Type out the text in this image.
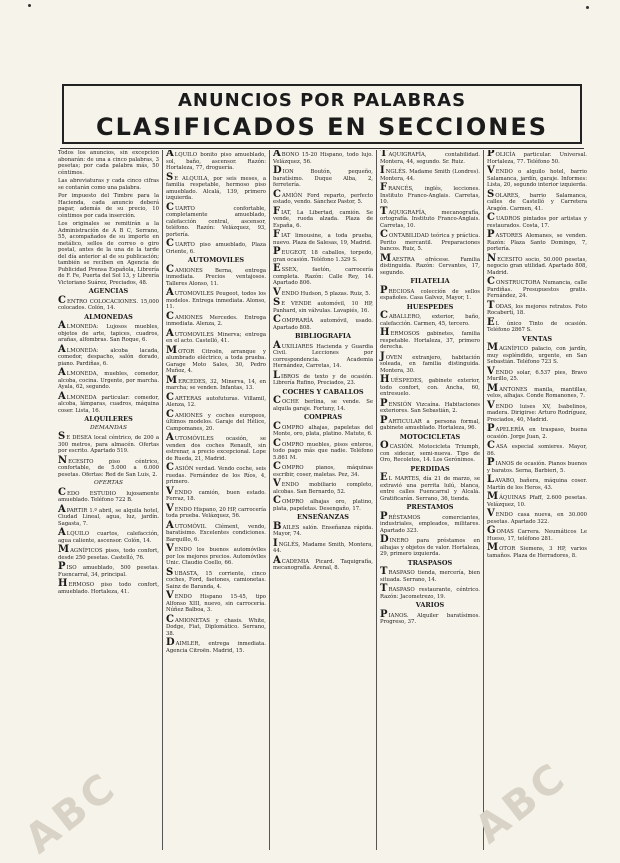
ANUNCIOS POR PALABRAS
CLASIFICADOS EN SECCIONES
Todos los anuncios, sin excepción abonarán: de una a cinco palabras, 3 pesetas; por cada palabra más, 50 céntimos.
Las abreviaturas y cada cinco cifras se contarán como una palabra.
Por impuesto del Timbre para la Hacienda, cada anuncio deberá pagar, además de su precio, 10 céntimos por cada inserción.
Los originales se remitirán a la Administración de A B C, Serrano, 55, acompañados de su importe en metálico, sellos de correo o giro postal, antes de la una de la tarde del día anterior al de su publicación; también se reciben en Agencia de Publicidad Prensa Española, Librería de F. Fe, Puerta del Sol 13, y Librería Victoriano Suárez, Preciados, 48.
AGENCIAS
CENTRO COLOCACIONES. 15,000 colocados. Colón, 14.
ALMONEDAS
ALMONEDA: Lujosos muebles, objetos de arte, tapices, cuadros, arañas, alfombras. San Roque, 6.
ALMONEDA: alcoba lacada, comedor, despacho, salón dorado, piano. Pardiñas, 6.
ALMONEDA, muebles, comedor, alcoba, cocina. Urgente, por marcha. Ayala, 62, segundo.
ALMONEDA particular: comedor, alcoba, lámparas, cuadros, máquina coser. Lista, 16.
ALQUILERES
DEMANDAS
SE DESEA local céntrico, de 200 a 300 metros, para almacén. Ofertas por escrito. Apartado 519.
NECESITO piso céntrico, confortable, de 5.000 a 6.000 pesetas. Ofertas: Red de San Luis, 2.
OFERTAS
CEDO ESTUDIO lujosamente amueblado. Teléfono 722 B.
APARTIR 1.º abril, se alquila hotel, Ciudad Lineal, agua, luz, jardín. Sagasta, 7.
ALQUILO cuartos, calefacción, agua caliente, ascensor. Colón, 14.
MAGNÍFICOS pisos, todo confort, desde 250 pesetas. Castelló, 76.
PISO amueblado, 500 pesetas. Fuencarral, 34, principal.
HERMOSO piso todo confort, amueblado. Hortaleza, 41.
ALQUILO bonito piso amueblado, sol, baño, ascensor. Razón: Hortaleza, 77, droguería.
SE ALQUILA, por seis meses, a familia respetable, hermoso piso amueblado. Alcalá, 139, primero izquierda.
CUARTO confortable, completamente amueblado, calefacción central, ascensor, teléfono. Razón: Velázquez, 93, portería.
CUARTO piso amueblado, Plaza Oriente, 6.
AUTOMOVILES
CAMIONES Berna, entrega inmediata. Precios ventajosos. Talleres Alonso, 11.
AUTOMOVILES Peugeot, todos los modelos. Entrega inmediata. Alonso, 11.
CAMIONES Mercedes. Entrega inmediata. Alenza, 2.
AUTOMOVILES Minerva; entrega en el acto. Castelló, 41.
MOTOR Citroën, arranque y alumbrado eléctrico, a toda prueba. Garage Moto Sales, 30, Pedro Muñoz, 4.
MERCEDES, 32, Minerva, 14, en marcha; se venden. Infantas, 13.
CARTERAS autofuturas. Villamil, Alenza, 12.
CAMIONES y coches europeos, últimos modelos. Garaje del Hélice, Campomanes, 20.
AUTOMÓVILES ocasión, se venden dos coches Renault, sin estrenar, a precio excepcional. Lope de Rueda, 21, Madrid.
CASIÓN verdad. Vendo coche, seis ruedas. Fernández de los Ríos, 4, primero.
VENDO camión, buen estado. Ferraz, 18.
VENDO Hispano, 20 HP, carrocería toda prueba. Velázquez, 56.
AUTOMÓVIL Clément, vendo, baratísimo. Excelentes condiciones. Barquillo, 6.
VENDO los buenos automóviles por los mejores precios. Automóviles Unic. Claudio Coello, 66.
SUBASTA, 15 corriente, cinco coches, Ford, faetones, camionetas. Sainz de Baranda, 4.
VENDO Hispano 15-45, tipo Alfonso XIII, nuevo, sin carrocería. Núñez Balboa, 3.
CAMIONETAS y chasis. White, Dodge, Fiat, Diplomático. Serrano, 38.
DAIMLER, entrega inmediata. Agencia Citroën. Madrid, 15.
ABONO 15-20 Hispano, todo lujo. Velázquez, 56.
DION Boutón, pequeño, baratísimo. Duque Alba, 2, ferretería.
CAMIÓN Ford reparto, perfecto estado, vendo. Sánchez Pastor, 5.
FIAT, La Libertad, camión. Se vende, rueda alzada. Plaza de España, 6.
FIAT limousine, a toda prueba, nuevo. Plaza de Salesas, 19, Madrid.
PEUGEOT, 18 caballos, torpedo, gran ocasión. Teléfono 1.329 S.
ESSEX, faetón, carrocería completa. Razón: Calle Rey, 14. Apartado 806.
VENDO Hudson, 5 plazas. Ruiz, 5.
SE VENDE automóvil, 10 HP, Panhard, sin válvulas. Lavapiés, 16.
COMPRARÍA automóvil, usado. Apartado 808.
BIBLIOGRAFIA
AUXILIARES Hacienda y Guardia Civil. Lecciones por correspondencia. Academia Hernández, Carretas, 14.
LIBROS de texto y de ocasión. Librería Rufino, Preciados, 23.
COCHES Y CABALLOS
COCHE berlina, se vende. Se alquila garaje. Fortuny, 14.
COMPRAS
COMPRO alhajas, papeletas del Monte, oro, plata, platino. Matute, 6.
COMPRO muebles, pisos enteros, todo pago más que nadie. Teléfono 5.861 M.
COMPRO pianos, máquinas escribir, coser, maletas. Pez, 34.
VENDO mobiliario completo, alcobas. San Bernardo, 52.
COMPRO alhajas oro, platino, plata, papeletas. Desengaño, 17.
ENSEÑANZAS
BAILES salón. Enseñanza rápida. Mayor, 74.
INGLÉS, Madame Smith, Montera, 44.
ACADEMIA Picard. Taquigrafía, mecanografía. Arenal, 8.
TAQUIGRAFÍA, contabilidad. Montera, 44, segundo. Sr. Ruiz.
INGLÉS. Madame Smith (Londres). Montera, 44.
FRANCÉS, inglés, lecciones. Instituto Franco-Anglais. Carretas, 10.
TAQUIGRAFÍA, mecanografía, ortografía. Instituto Franco-Anglais. Carretas, 10.
CONTABILIDAD teórica y práctica. Perito mercantil. Preparaciones bancos. Ruiz, 5.
MAESTRA ofrécese. Familia distinguida. Razón: Cervantes, 17, segundo.
FILATELIA
PRECIOSA colección de sellos españoles. Casa Galvez, Mayor, 1.
HUESPEDES
CABALLERO, exterior, baño, calefacción. Carmen, 45, tercero.
HERMOSOS gabinetes, familia respetable. Hortaleza, 37, primero derecha.
JOVEN extranjero, habitación soleada, en familia distinguida. Montera, 30.
HUÉSPEDES, gabinete exterior, todo confort, con. Ancha, 60, entresuelo.
PENSIÓN Vizcaína. Habitaciones exteriores. San Sebastián, 2.
PARTICULAR a persona formal, gabinete amueblado. Hortaleza, 96.
MOTOCICLETAS
OCASIÓN. Motocicleta Triumph, con sidecar, semi-nueva. Tipo de Oro, Recoletos, 14. Los Gerónimos.
PERDIDAS
EL MARTES, día 21 de marzo, se extravió una perrita lulú, blanca, entre calles Fuencarral y Alcalá. Gratificarán. Serrano, 36, tienda.
PRESTAMOS
PRÉSTAMOS comerciantes, industriales, empleados, militares. Apartado 323.
DINERO para préstamos en alhajas y objetos de valor. Hortaleza, 29, primero izquierda.
TRASPASOS
TRASPASO tienda, mercería, bien situada. Serrano, 14.
TRASPASO restaurante, céntrico. Razón: Jacometrezo, 19.
VARIOS
PIANOS. Alquiler baratísimos. Progreso, 37.
POLICÍA particular. Universal. Hortaleza, 77. Teléfono 50.
VENDO o alquilo hotel, barrio Salamanca, jardín, garaje. Informes: Lista, 20, segundo interior izquierda.
SOLARES, barrio Salamanca, calles de Castelló y Carretera Aragón. Carmen, 41.
CUADROS pintados por artistas y restaurados. Costa, 17.
PASTORES Alemanes, se venden. Razón: Plaza Santo Domingo, 7, portería.
NECESITO socio, 50.000 pesetas, negocio gran utilidad. Apartado 808, Madrid.
CONSTRUCTORA Numancia, calle Pardiñas. Presupuestos gratis. Fernández, 24.
TODAS, los mejores retratos. Foto Rocabertí, 18.
EL único Tinto de ocasión. Teléfono 2867 S.
VENTAS
MAGNÍFICO palacio, con jardín, muy espléndido, urgente, en San Sebastián. Teléfono 723 S.
VENDO solar, 6.537 pies, Bravo Murillo, 25.
MANTONES manila, mantillas, velos, alhajas. Conde Romanones, 7.
VENDO luises XV, Isabelinos, madera. Dirigirse: Arturo Rodríguez, Preciados, 40, Madrid.
PAPELERÍA en traspaso, buena ocasión. Jorge Juan, 2.
CASA especial somieres. Mayor, 86.
PIANOS de ocasión. Pianos buenos y baratos. Serna, Barbieri, 5.
LAVABO, bañera, máquina coser. Martín de los Heros, 43.
MÁQUINAS Pfaff, 2.600 pesetas. Velázquez, 10.
VENDO casa nueva, en 30.000 pesetas. Apartado 322.
GOMAS Carrera. Neumáticos Le Hueso, 17, teléfono 281.
MOTOR Siemens, 3 HP, varios tamaños. Plaza de Herradores, 8.
ABC
ABC
